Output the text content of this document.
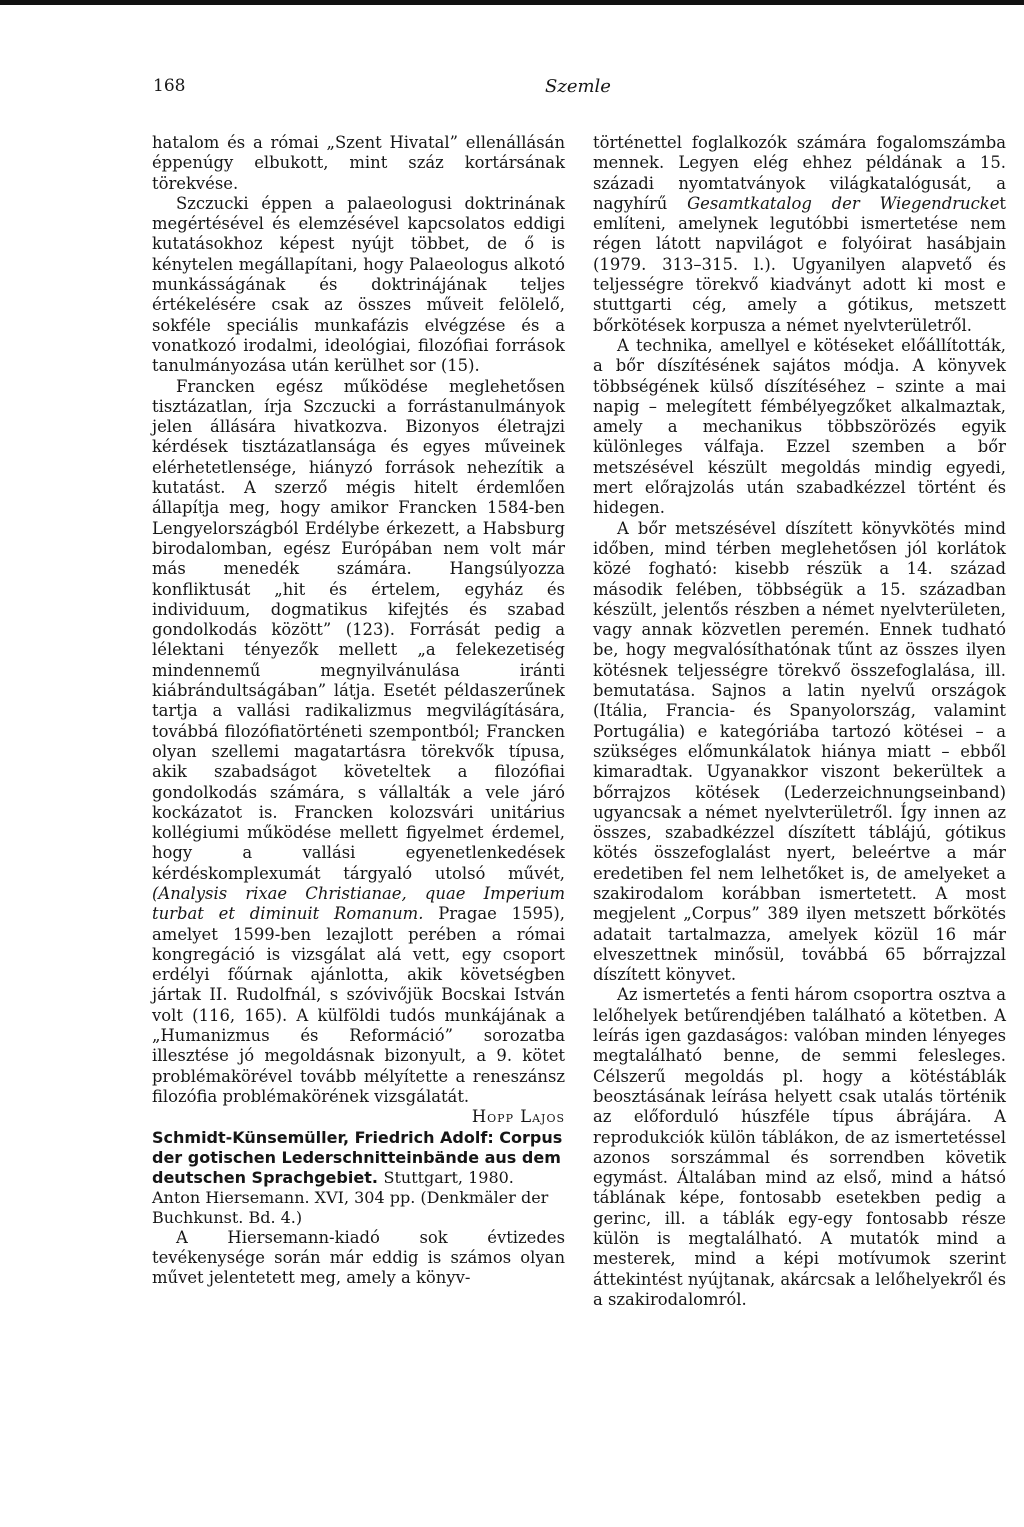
168	Szemle

hatalom és a római „Szent Hivatal” ellenállásán éppenúgy elbukott, mint száz kortársának törekvése.

Szczucki éppen a palaeologusi doktrinának megértésével és elemzésével kapcsolatos eddigi kutatásokhoz képest nyújt többet, de ő is kénytelen megállapítani, hogy Palaeologus alkotó munkásságának és doktrinájának teljes értékelésére csak az összes műveit felölelő, sokféle speciális munkafázis elvégzése és a vonatkozó irodalmi, ideológiai, filozófiai források tanulmányozása után kerülhet sor (15).

Francken egész működése meglehetősen tisztázatlan, írja Szczucki a forrástanulmányok jelen állására hivatkozva. Bizonyos életrajzi kérdések tisztázatlansága és egyes műveinek elérhetetlensége, hiányzó források nehezítik a kutatást. A szerző mégis hitelt érdemlően állapítja meg, hogy amikor Francken 1584-ben Lengyelországból Erdélybe érkezett, a Habsburg birodalomban, egész Európában nem volt már más menedék számára. Hangsúlyozza konfliktusát „hit és értelem, egyház és individuum, dogmatikus kifejtés és szabad gondolkodás között” (123). Forrását pedig a lélektani tényezők mellett „a felekezetiség mindennemű megnyilvánulása iránti kiábrándultságában” látja. Esetét példaszerűnek tartja a vallási radikalizmus megvilágítására, továbbá filozófiatörténeti szempontból; Francken olyan szellemi magatartásra törekvők típusa, akik szabadságot követeltek a filozófiai gondolkodás számára, s vállalták a vele járó kockázatot is. Francken kolozsvári unitárius kollégiumi működése mellett figyelmet érdemel, hogy a vallási egyenetlenkedések kérdéskomplexumát tárgyaló utolsó művét, (Analysis rixae Christianae, quae Imperium turbat et diminuit Romanum. Pragae 1595), amelyet 1599-ben lezajlott perében a római kongregáció is vizsgálat alá vett, egy csoport erdélyi főúrnak ajánlotta, akik követségben jártak II. Rudolfnál, s szóvivőjük Bocskai István volt (116, 165). A külföldi tudós munkájának a „Humanizmus és Reformáció” sorozatba illesztése jó megoldásnak bizonyult, a 9. kötet problémakörével tovább mélyítette a reneszánsz filozófia problémakörének vizsgálatát.

Hopp Lajos

Schmidt-Künsemüller, Friedrich Adolf: Corpus der gotischen Lederschnitteinbände aus dem deutschen Sprachgebiet. Stuttgart, 1980. Anton Hiersemann. XVI, 304 pp. (Denkmäler der Buchkunst. Bd. 4.)

A Hiersemann-kiadó sok évtizedes tevékenysége során már eddig is számos olyan művet jelentetett meg, amely a könyv-

történettel foglalkozók számára fogalomszámba mennek. Legyen elég ehhez példának a 15. századi nyomtatványok világkatalógusát, a nagyhírű Gesamtkatalog der Wiegendrucket említeni, amelynek legutóbbi ismertetése nem régen látott napvilágot e folyóirat hasábjain (1979. 313–315. l.). Ugyanilyen alapvető és teljességre törekvő kiadványt adott ki most e stuttgarti cég, amely a gótikus, metszett bőrkötések korpusza a német nyelvterületről.

A technika, amellyel e kötéseket előállították, a bőr díszítésének sajátos módja. A könyvek többségének külső díszítéséhez – szinte a mai napig – melegített fémbélyegzőket alkalmaztak, amely a mechanikus többszörözés egyik különleges válfaja. Ezzel szemben a bőr metszésével készült megoldás mindig egyedi, mert előrajzolás után szabadkézzel történt és hidegen.

A bőr metszésével díszített könyvkötés mind időben, mind térben meglehetősen jól korlátok közé fogható: kisebb részük a 14. század második felében, többségük a 15. században készült, jelentős részben a német nyelvterületen, vagy annak közvetlen peremén. Ennek tudható be, hogy megvalósíthatónak tűnt az összes ilyen kötésnek teljességre törekvő összefoglalása, ill. bemutatása. Sajnos a latin nyelvű országok (Itália, Francia- és Spanyolország, valamint Portugália) e kategóriába tartozó kötései – a szükséges előmunkálatok hiánya miatt – ebből kimaradtak. Ugyanakkor viszont bekerültek a bőrrajzos kötések (Lederzeichnungseinband) ugyancsak a német nyelvterületről. Így innen az összes, szabadkézzel díszített táblájú, gótikus kötés összefoglalást nyert, beleértve a már eredetiben fel nem lelhetőket is, de amelyeket a szakirodalom korábban ismertetett. A most megjelent „Corpus” 389 ilyen metszett bőrkötés adatait tartalmazza, amelyek közül 16 már elveszettnek minősül, továbbá 65 bőrrajzzal díszített könyvet.

Az ismertetés a fenti három csoportra osztva a lelőhelyek betűrendjében található a kötetben. A leírás igen gazdaságos: valóban minden lényeges megtalálható benne, de semmi felesleges. Célszerű megoldás pl. hogy a kötéstáblák beosztásának leírása helyett csak utalás történik az előforduló húszféle típus ábrájára. A reprodukciók külön táblákon, de az ismertetéssel azonos sorszámmal és sorrendben követik egymást. Általában mind az első, mind a hátsó táblának képe, fontosabb esetekben pedig a gerinc, ill. a táblák egy-egy fontosabb része külön is megtalálható. A mutatók mind a mesterek, mind a képi motívumok szerint áttekintést nyújtanak, akárcsak a lelőhelyekről és a szakirodalomról.
